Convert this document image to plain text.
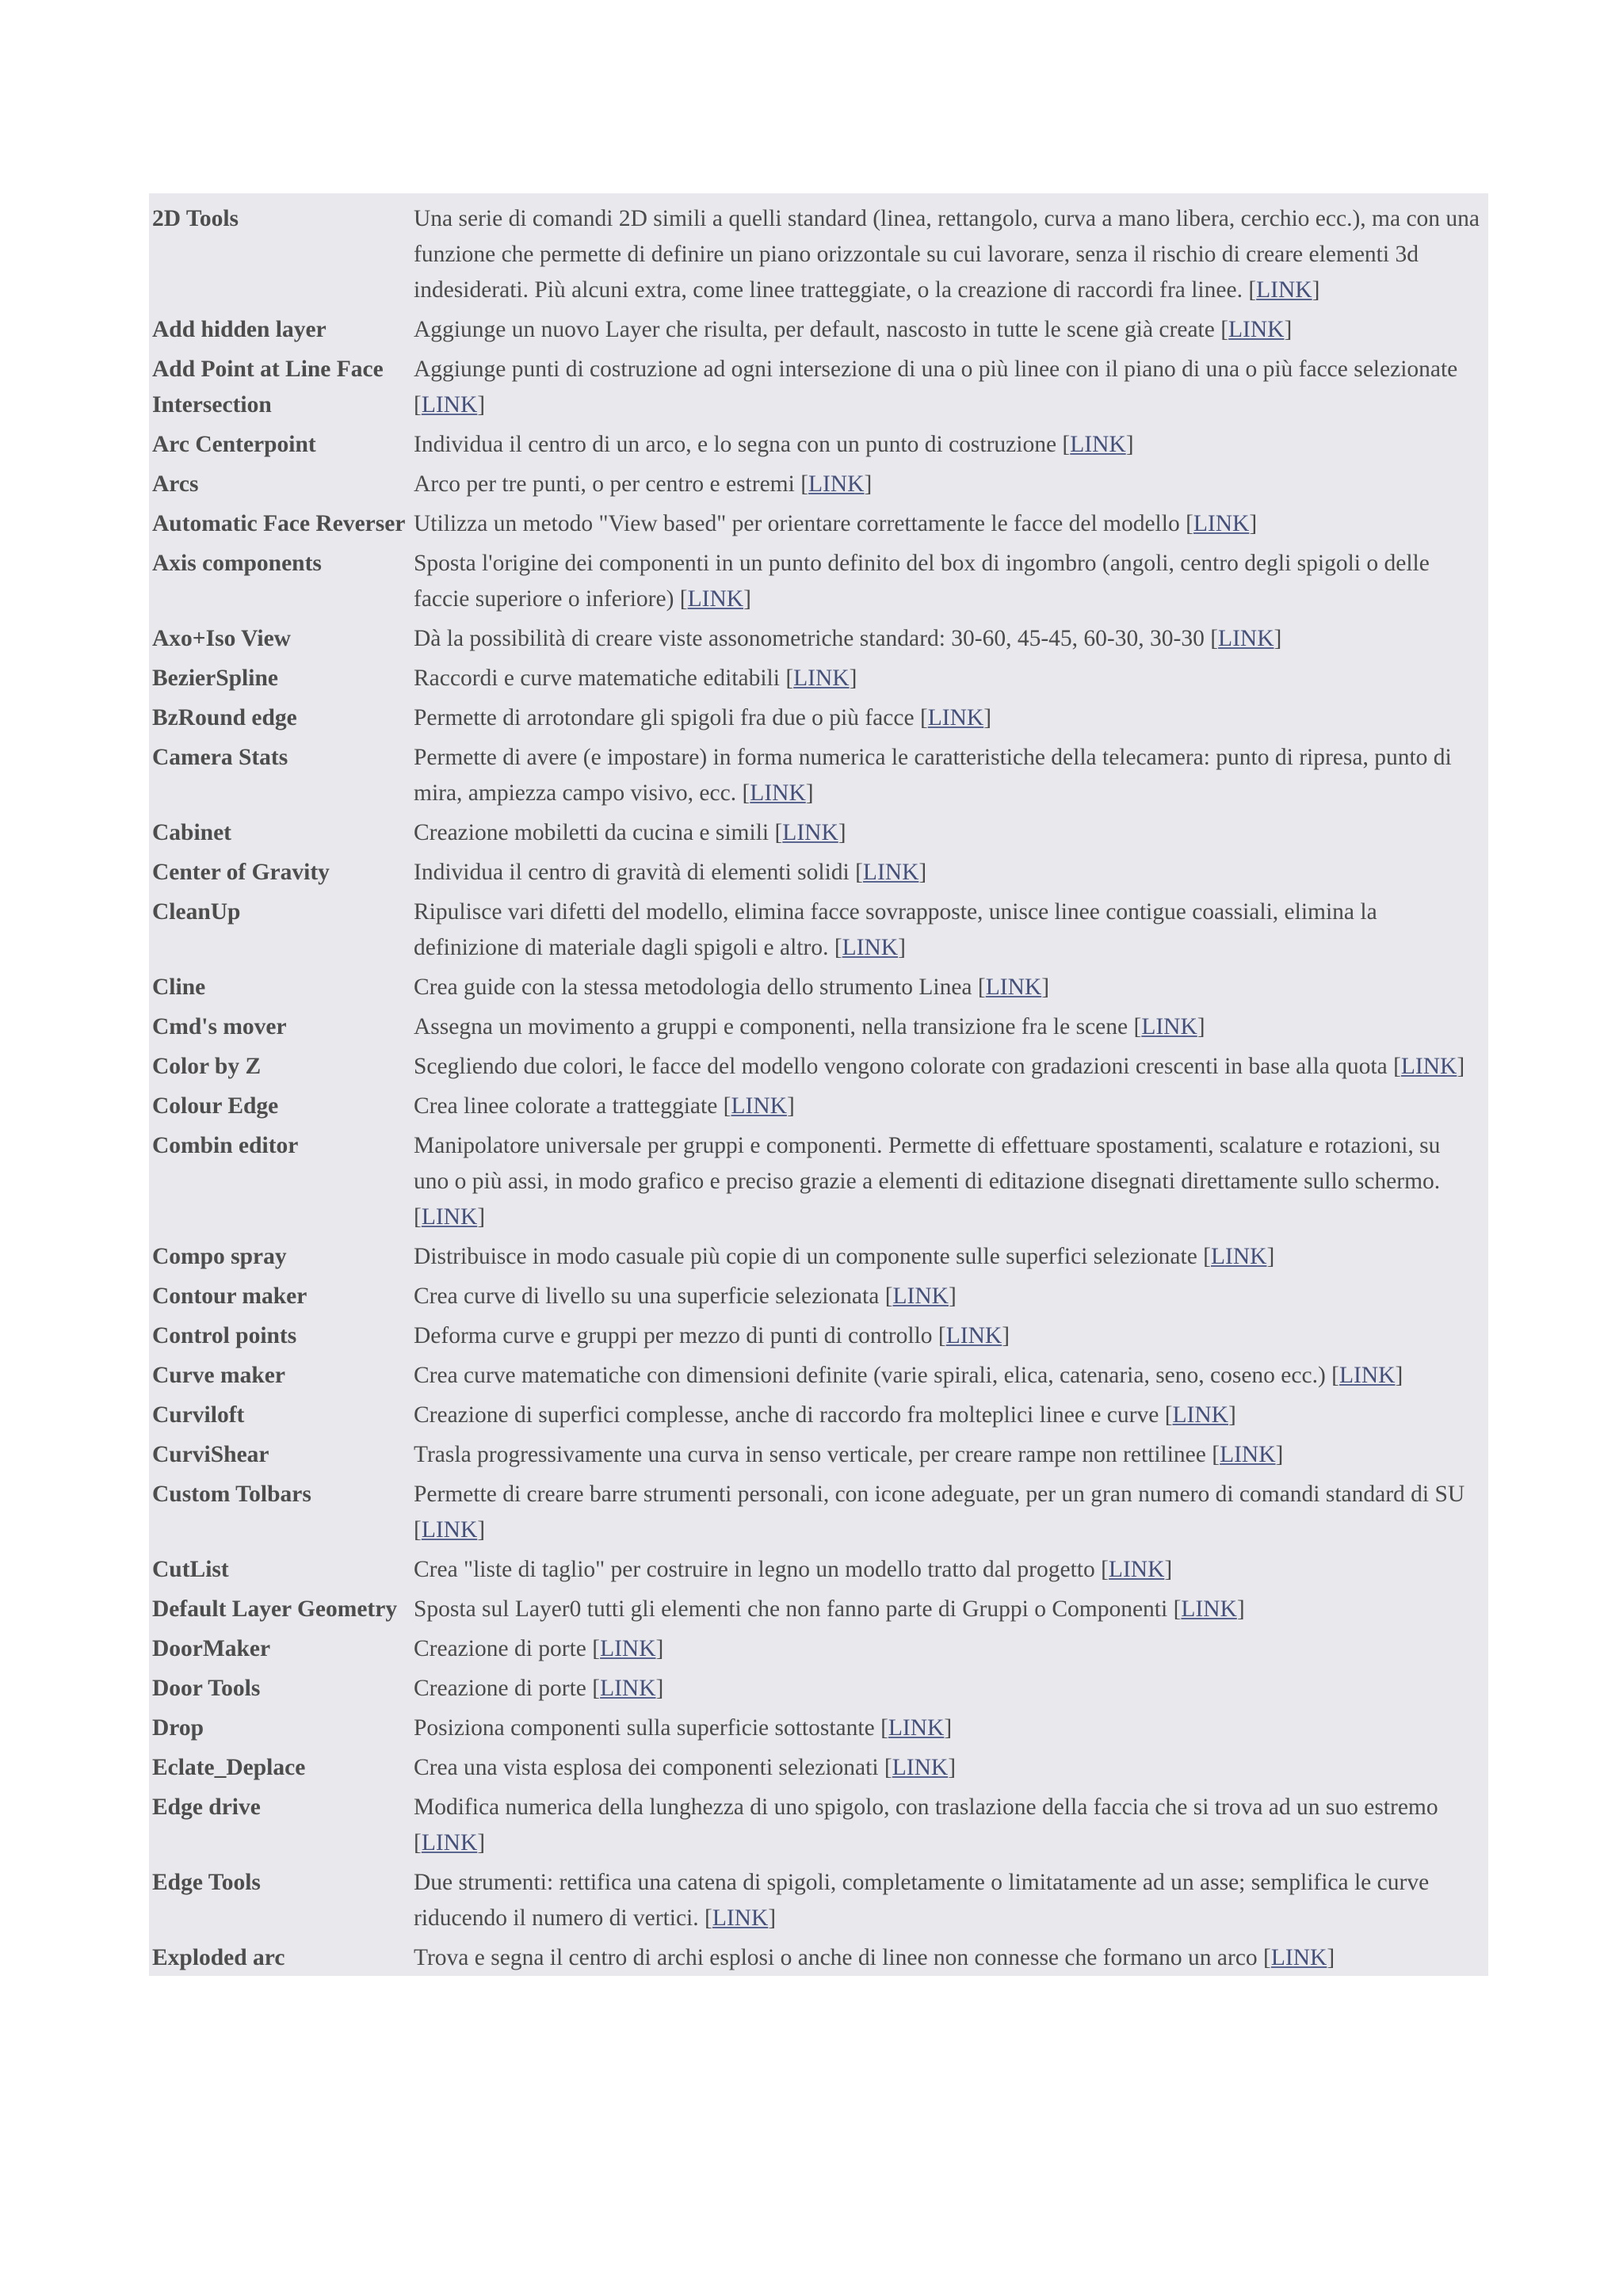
2D Tools	Una serie di comandi 2D simili a quelli standard (linea, rettangolo, curva a mano libera, cerchio ecc.), ma con una funzione che permette di definire un piano orizzontale su cui lavorare, senza il rischio di creare elementi 3d indesiderati. Più alcuni extra, come linee tratteggiate, o la creazione di raccordi fra linee. [LINK]
Add hidden layer	Aggiunge un nuovo Layer che risulta, per default, nascosto in tutte le scene già create [LINK]
Add Point at Line Face Intersection	Aggiunge punti di costruzione ad ogni intersezione di una o più linee con il piano di una o più facce selezionate [LINK]
Arc Centerpoint	Individua il centro di un arco, e lo segna con un punto di costruzione [LINK]
Arcs	Arco per tre punti, o per centro e estremi [LINK]
Automatic Face Reverser	Utilizza un metodo "View based" per orientare correttamente le facce del modello [LINK]
Axis components	Sposta l'origine dei componenti in un punto definito del box di ingombro (angoli, centro degli spigoli o delle faccie superiore o inferiore) [LINK]
Axo+Iso View	Dà la possibilità di creare viste assonometriche standard: 30-60, 45-45, 60-30, 30-30 [LINK]
BezierSpline	Raccordi e curve matematiche editabili [LINK]
BzRound edge	Permette di arrotondare gli spigoli fra due o più facce [LINK]
Camera Stats	Permette di avere (e impostare) in forma numerica le caratteristiche della telecamera: punto di ripresa, punto di mira, ampiezza campo visivo, ecc. [LINK]
Cabinet	Creazione mobiletti da cucina e simili [LINK]
Center of Gravity	Individua il centro di gravità di elementi solidi [LINK]
CleanUp	Ripulisce vari difetti del modello, elimina facce sovrapposte, unisce linee contigue coassiali, elimina la definizione di materiale dagli spigoli e altro. [LINK]
Cline	Crea guide con la stessa metodologia dello strumento Linea [LINK]
Cmd's mover	Assegna un movimento a gruppi e componenti, nella transizione fra le scene [LINK]
Color by Z	Scegliendo due colori, le facce del modello vengono colorate con gradazioni crescenti in base alla quota [LINK]
Colour Edge	Crea linee colorate a tratteggiate [LINK]
Combin editor	Manipolatore universale per gruppi e componenti. Permette di effettuare spostamenti, scalature e rotazioni, su uno o più assi, in modo grafico e preciso grazie a elementi di editazione disegnati direttamente sullo schermo. [LINK]
Compo spray	Distribuisce in modo casuale più copie di un componente sulle superfici selezionate [LINK]
Contour maker	Crea curve di livello su una superficie selezionata [LINK]
Control points	Deforma curve e gruppi per mezzo di punti di controllo [LINK]
Curve maker	Crea curve matematiche con dimensioni definite (varie spirali, elica, catenaria, seno, coseno ecc.) [LINK]
Curviloft	Creazione di superfici complesse, anche di raccordo fra molteplici linee e curve [LINK]
CurviShear	Trasla progressivamente una curva in senso verticale, per creare rampe non rettilinee [LINK]
Custom Tolbars	Permette di creare barre strumenti personali, con icone adeguate, per un gran numero di comandi standard di SU [LINK]
CutList	Crea "liste di taglio" per costruire in legno un modello tratto dal progetto [LINK]
Default Layer Geometry	Sposta sul Layer0 tutti gli elementi che non fanno parte di Gruppi o Componenti [LINK]
DoorMaker	Creazione di porte [LINK]
Door Tools	Creazione di porte [LINK]
Drop	Posiziona componenti sulla superficie sottostante [LINK]
Eclate_Deplace	Crea una vista esplosa dei componenti selezionati [LINK]
Edge drive	Modifica numerica della lunghezza di uno spigolo, con traslazione della faccia che si trova ad un suo estremo [LINK]
Edge Tools	Due strumenti: rettifica una catena di spigoli, completamente o limitatamente ad un asse; semplifica le curve riducendo il numero di vertici. [LINK]
Exploded arc	Trova e segna il centro di archi esplosi o anche di linee non connesse che formano un arco [LINK]
